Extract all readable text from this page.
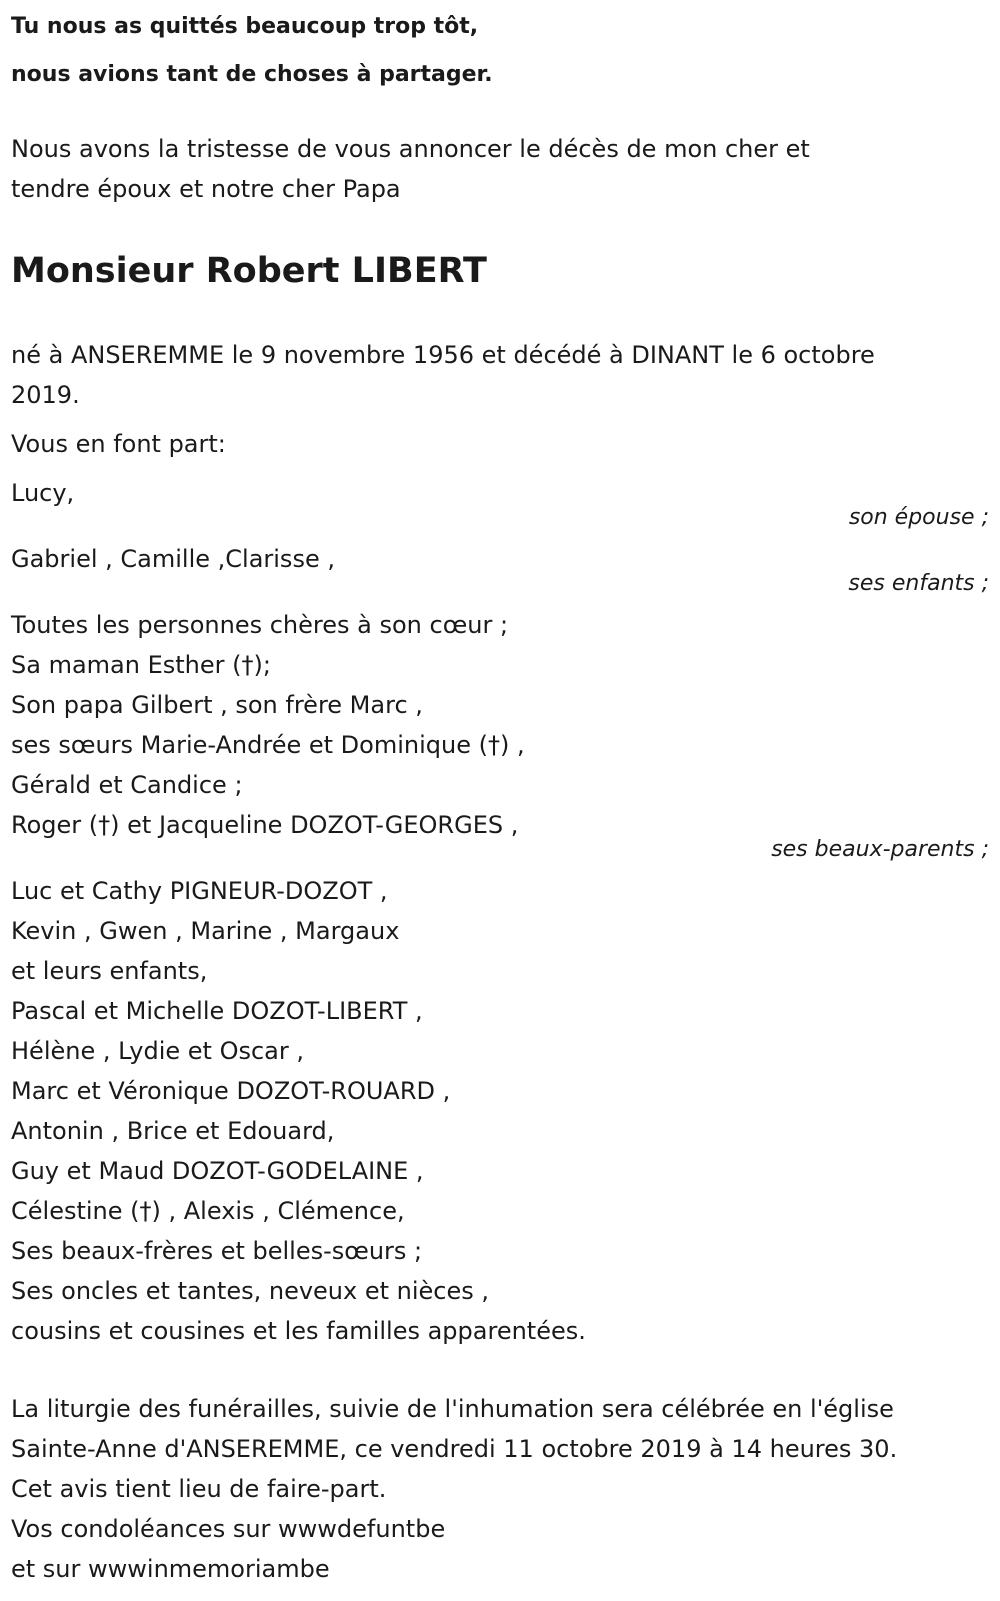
Tu nous as quittés beaucoup trop tôt,
nous avions tant de choses à partager.
Nous avons la tristesse de vous annoncer le décès de mon cher et
tendre époux et notre cher Papa
Monsieur Robert LIBERT
né à ANSEREMME le 9 novembre 1956 et décédé à DINANT le 6 octobre
2019.
Vous en font part:
Lucy,
son épouse ;
Gabriel , Camille ,Clarisse ,
ses enfants ;
Toutes les personnes chères à son cœur ;
Sa maman Esther (†);
Son papa Gilbert , son frère Marc ,
ses sœurs Marie-Andrée et Dominique (†) ,
Gérald et Candice ;
Roger (†) et Jacqueline DOZOT-GEORGES ,
ses beaux-parents ;
Luc et Cathy PIGNEUR-DOZOT ,
Kevin , Gwen , Marine , Margaux
et leurs enfants,
Pascal et Michelle DOZOT-LIBERT ,
Hélène , Lydie et Oscar ,
Marc et Véronique DOZOT-ROUARD ,
Antonin , Brice et Edouard,
Guy et Maud DOZOT-GODELAINE ,
Célestine (†) , Alexis , Clémence,
Ses beaux-frères et belles-sœurs ;
Ses oncles et tantes, neveux et nièces ,
cousins et cousines et les familles apparentées.
La liturgie des funérailles, suivie de l'inhumation sera célébrée en l'église
Sainte-Anne d'ANSEREMME, ce vendredi 11 octobre 2019 à 14 heures 30.
Cet avis tient lieu de faire-part.
Vos condoléances sur wwwdefuntbe
et sur wwwinmemoriambe
